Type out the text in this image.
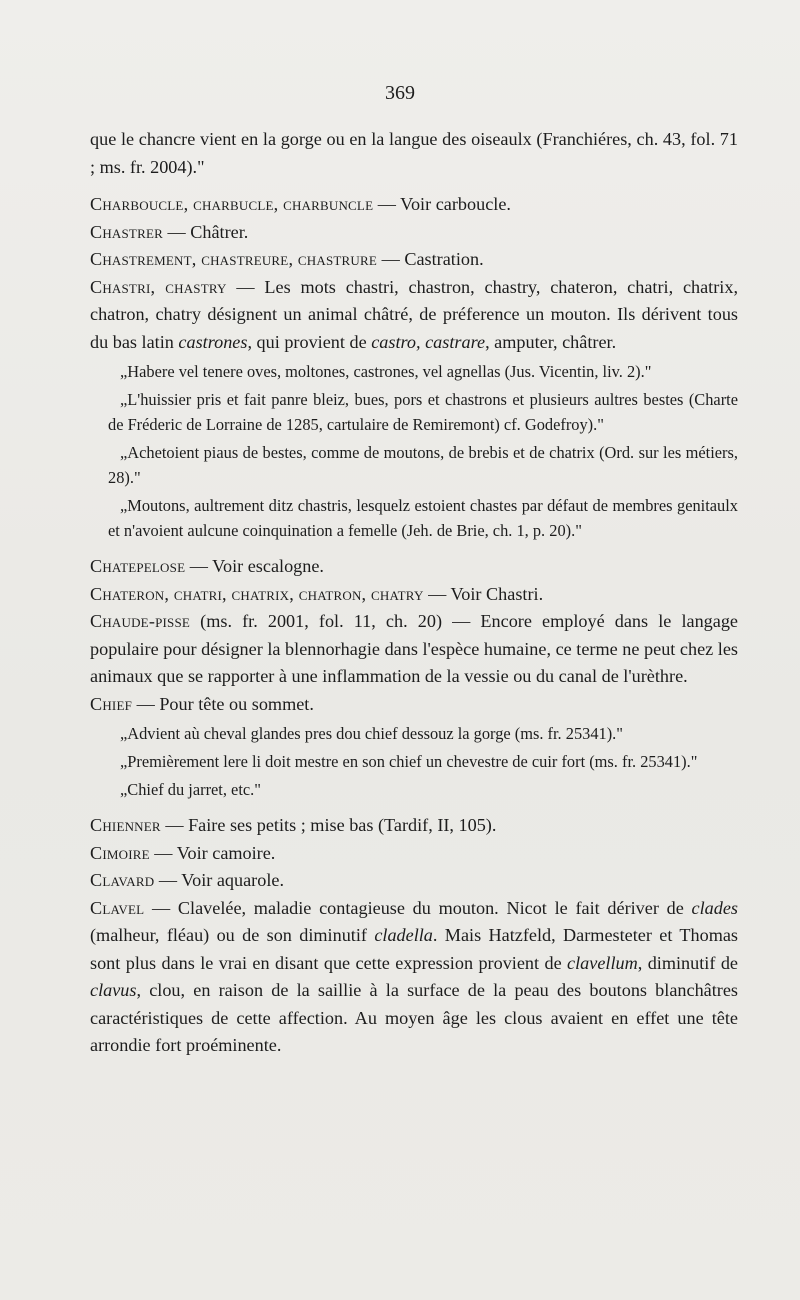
369

que le chancre vient en la gorge ou en la langue des oiseaulx (Franchiéres, ch. 43, fol. 71 ; ms. fr. 2004)."

Charboucle, charbucle, charbuncle — Voir carboucle.

Chastrer — Châtrer.

Chastrement, chastreure, chastrure — Castration.

Chastri, chastry — Les mots chastri, chastron, chastry, chateron, chatri, chatrix, chatron, chatry désignent un animal châtré, de préference un mouton. Ils dérivent tous du bas latin castrones, qui provient de castro, castrare, amputer, châtrer.

„Habere vel tenere oves, moltones, castrones, vel agnellas (Jus. Vicentin, liv. 2)."

„L'huissier pris et fait panre bleiz, bues, pors et chastrons et plusieurs aultres bestes (Charte de Fréderic de Lorraine de 1285, cartulaire de Remiremont) cf. Godefroy)."

„Achetoient piaus de bestes, comme de moutons, de brebis et de chatrix (Ord. sur les métiers, 28)."

„Moutons, aultrement ditz chastris, lesquelz estoient chastes par défaut de membres genitaulx et n'avoient aulcune coinquination a femelle (Jeh. de Brie, ch. 1, p. 20)."

Chatepelose — Voir escalogne.

Chateron, chatri, chatrix, chatron, chatry — Voir Chastri.

Chaude-pisse (ms. fr. 2001, fol. 11, ch. 20) — Encore employé dans le langage populaire pour désigner la blennorhagie dans l'espèce humaine, ce terme ne peut chez les animaux que se rapporter à une inflammation de la vessie ou du canal de l'urèthre.

Chief — Pour tête ou sommet.

„Advient aù cheval glandes pres dou chief dessouz la gorge (ms. fr. 25341)."

„Premièrement lere li doit mestre en son chief un chevestre de cuir fort (ms. fr. 25341)."

„Chief du jarret, etc."

Chienner — Faire ses petits ; mise bas (Tardif, II, 105).

Cimoire — Voir camoire.

Clavard — Voir aquarole.

Clavel — Clavelée, maladie contagieuse du mouton. Nicot le fait dériver de clades (malheur, fléau) ou de son diminutif cladella. Mais Hatzfeld, Darmesteter et Thomas sont plus dans le vrai en disant que cette expression provient de clavellum, diminutif de clavus, clou, en raison de la saillie à la surface de la peau des boutons blanchâtres caractéristiques de cette affection. Au moyen âge les clous avaient en effet une tête arrondie fort proéminente.
